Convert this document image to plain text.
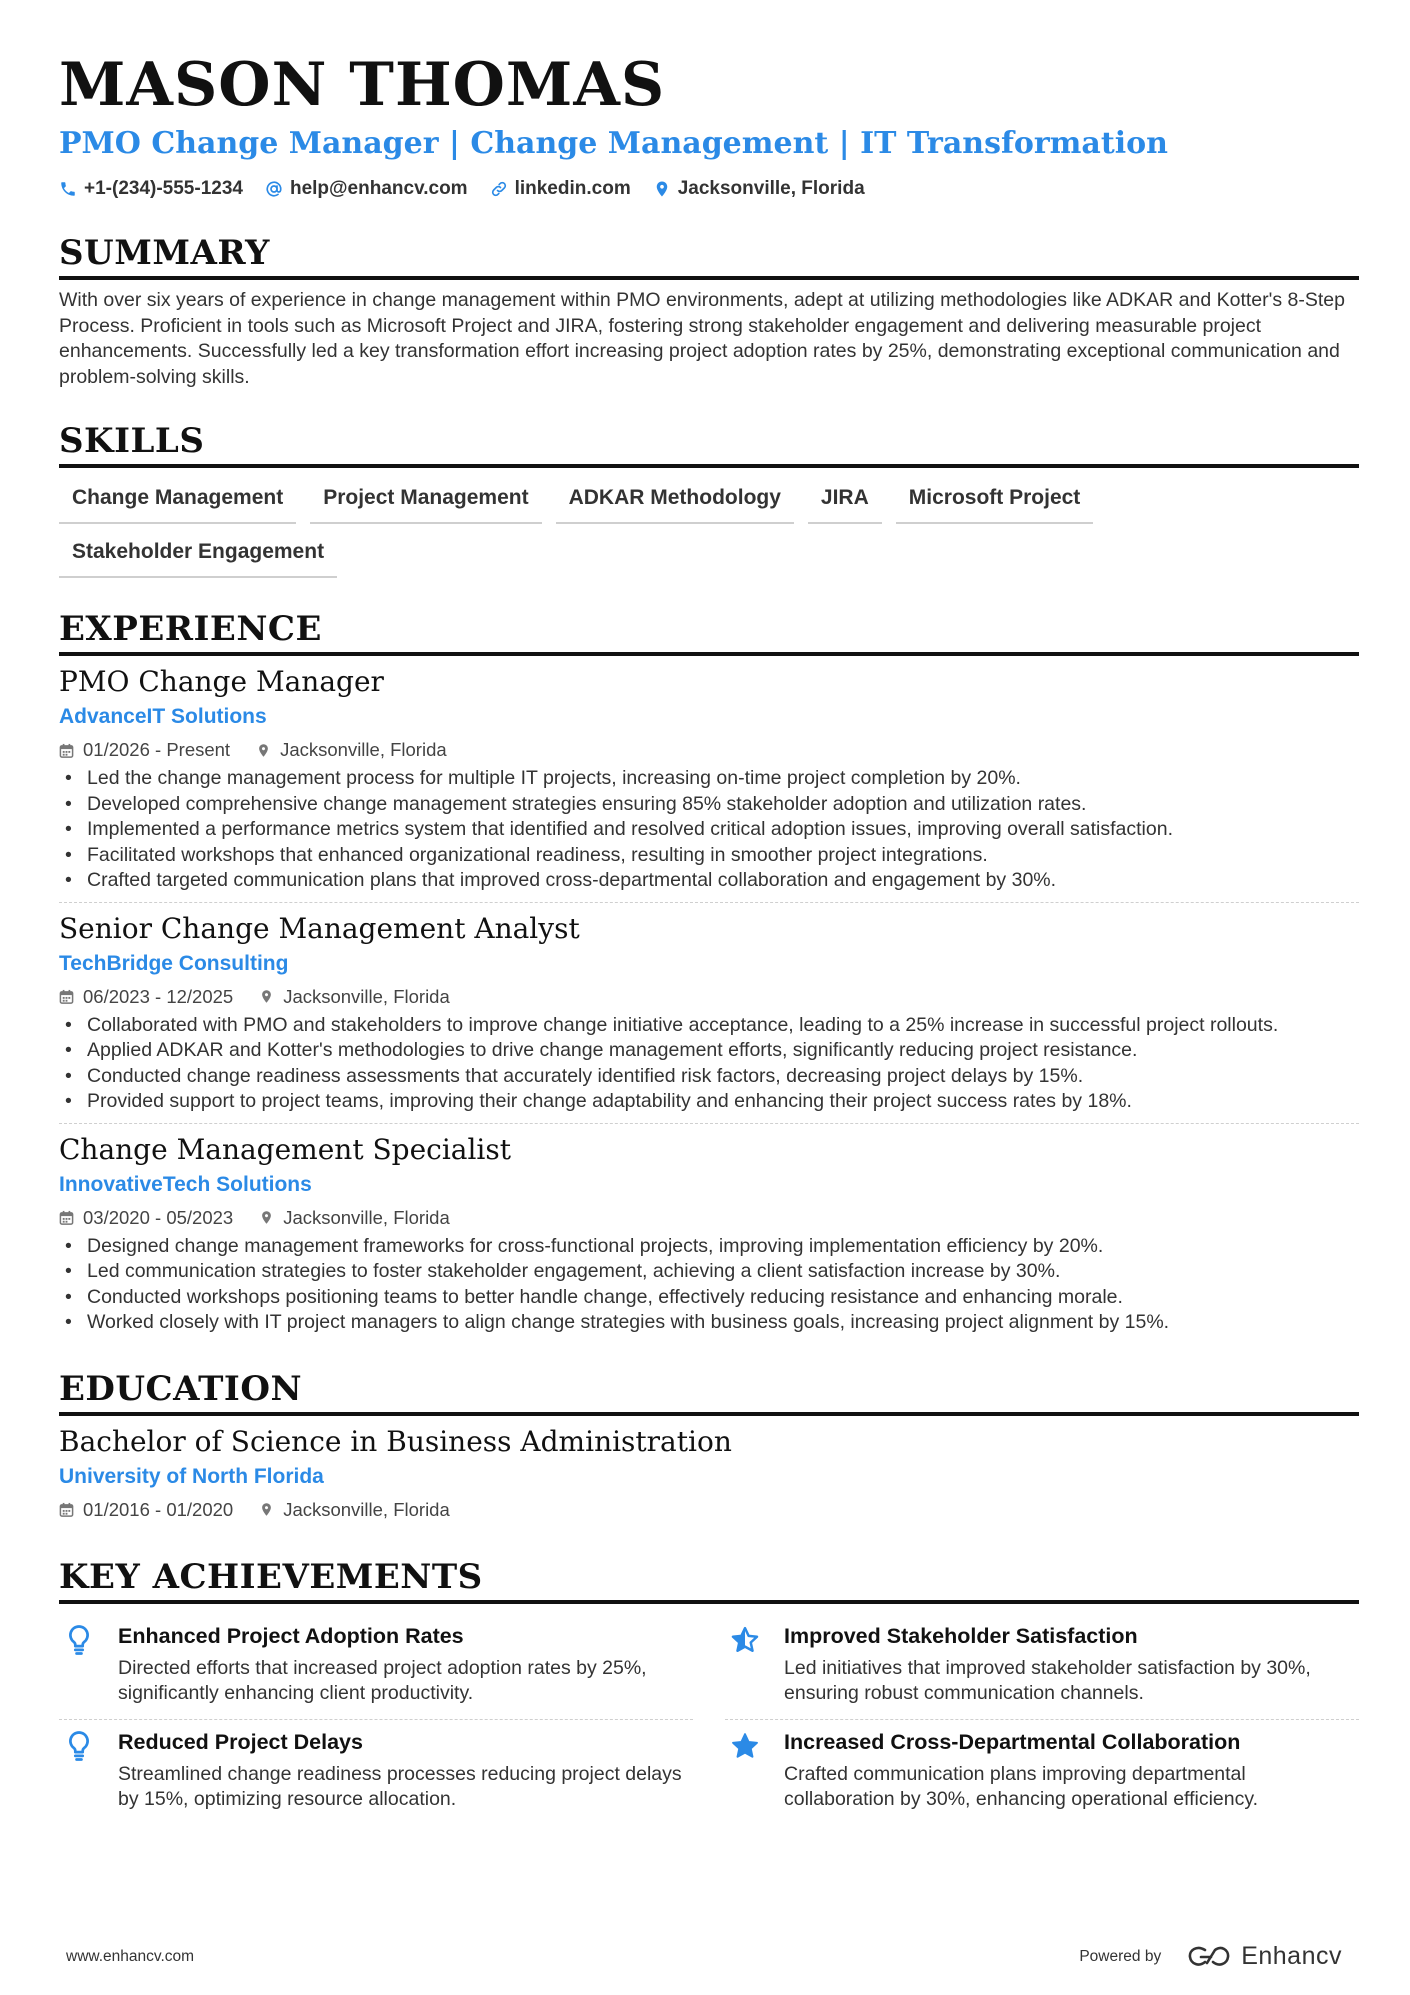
MASON THOMAS
PMO Change Manager | Change Management | IT Transformation
+1-(234)-555-1234 help@enhancv.com linkedin.com Jacksonville, Florida
SUMMARY
With over six years of experience in change management within PMO environments, adept at utilizing methodologies like ADKAR and Kotter's 8-Step Process. Proficient in tools such as Microsoft Project and JIRA, fostering strong stakeholder engagement and delivering measurable project enhancements. Successfully led a key transformation effort increasing project adoption rates by 25%, demonstrating exceptional communication and problem-solving skills.
SKILLS
Change Management	Project Management	ADKAR Methodology	JIRA	Microsoft Project
Stakeholder Engagement
EXPERIENCE
PMO Change Manager
AdvanceIT Solutions
01/2026 - Present	Jacksonville, Florida
• Led the change management process for multiple IT projects, increasing on-time project completion by 20%.
• Developed comprehensive change management strategies ensuring 85% stakeholder adoption and utilization rates.
• Implemented a performance metrics system that identified and resolved critical adoption issues, improving overall satisfaction.
• Facilitated workshops that enhanced organizational readiness, resulting in smoother project integrations.
• Crafted targeted communication plans that improved cross-departmental collaboration and engagement by 30%.
Senior Change Management Analyst
TechBridge Consulting
06/2023 - 12/2025	Jacksonville, Florida
• Collaborated with PMO and stakeholders to improve change initiative acceptance, leading to a 25% increase in successful project rollouts.
• Applied ADKAR and Kotter's methodologies to drive change management efforts, significantly reducing project resistance.
• Conducted change readiness assessments that accurately identified risk factors, decreasing project delays by 15%.
• Provided support to project teams, improving their change adaptability and enhancing their project success rates by 18%.
Change Management Specialist
InnovativeTech Solutions
03/2020 - 05/2023	Jacksonville, Florida
• Designed change management frameworks for cross-functional projects, improving implementation efficiency by 20%.
• Led communication strategies to foster stakeholder engagement, achieving a client satisfaction increase by 30%.
• Conducted workshops positioning teams to better handle change, effectively reducing resistance and enhancing morale.
• Worked closely with IT project managers to align change strategies with business goals, increasing project alignment by 15%.
EDUCATION
Bachelor of Science in Business Administration
University of North Florida
01/2016 - 01/2020	Jacksonville, Florida
KEY ACHIEVEMENTS
Enhanced Project Adoption Rates
Directed efforts that increased project adoption rates by 25%, significantly enhancing client productivity.
Improved Stakeholder Satisfaction
Led initiatives that improved stakeholder satisfaction by 30%, ensuring robust communication channels.
Reduced Project Delays
Streamlined change readiness processes reducing project delays by 15%, optimizing resource allocation.
Increased Cross-Departmental Collaboration
Crafted communication plans improving departmental collaboration by 30%, enhancing operational efficiency.
www.enhancv.com	Powered by	Enhancv
